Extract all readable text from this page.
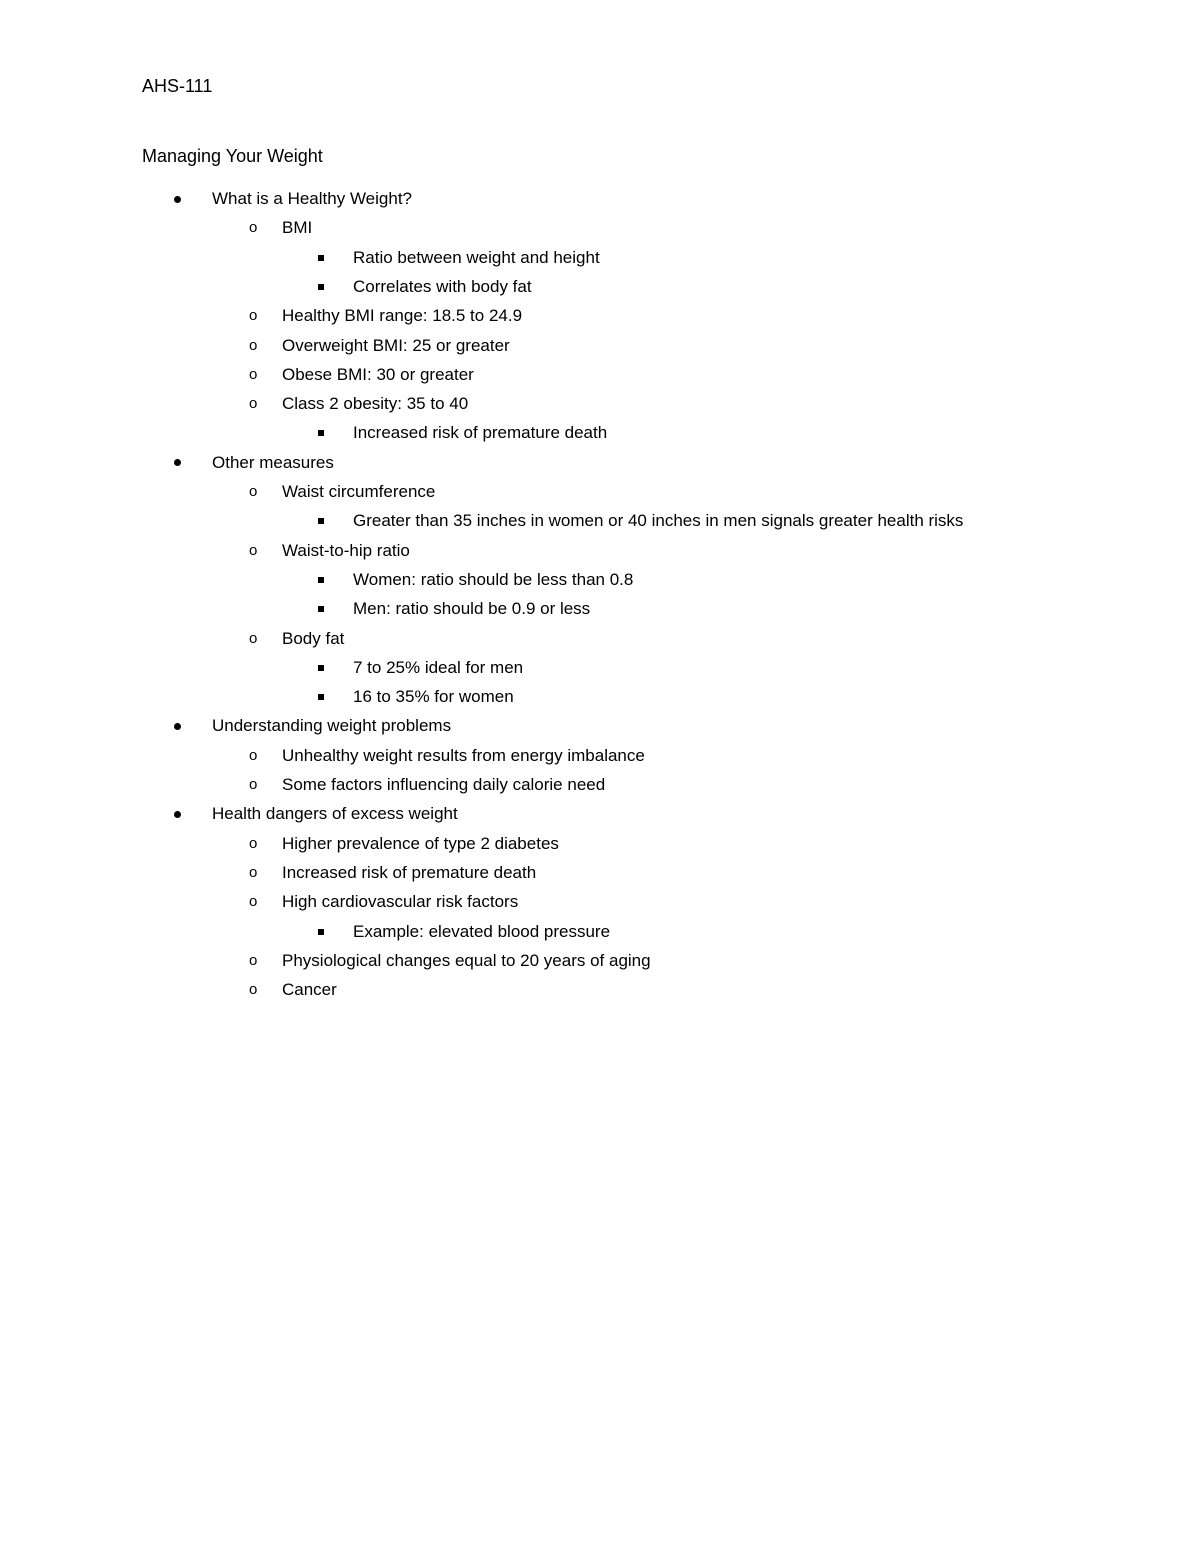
AHS-111
Managing Your Weight
What is a Healthy Weight?
o BMI
Ratio between weight and height
Correlates with body fat
o Healthy BMI range: 18.5 to 24.9
o Overweight BMI: 25 or greater
o Obese BMI: 30 or greater
o Class 2 obesity: 35 to 40
Increased risk of premature death
Other measures
o Waist circumference
Greater than 35 inches in women or 40 inches in men signals greater health risks
o Waist-to-hip ratio
Women: ratio should be less than 0.8
Men: ratio should be 0.9 or less
o Body fat
7 to 25% ideal for men
16 to 35% for women
Understanding weight problems
o Unhealthy weight results from energy imbalance
o Some factors influencing daily calorie need
Health dangers of excess weight
o Higher prevalence of type 2 diabetes
o Increased risk of premature death
o High cardiovascular risk factors
Example: elevated blood pressure
o Physiological changes equal to 20 years of aging
o Cancer
